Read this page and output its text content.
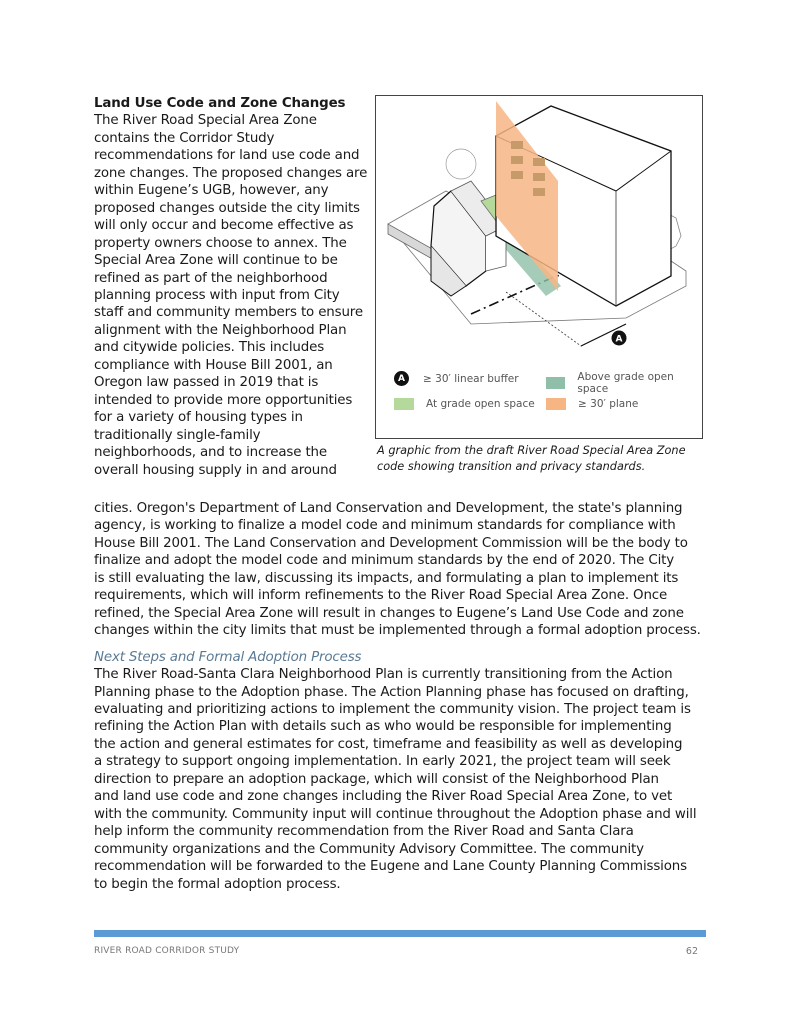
Land Use Code and Zone Changes
The River Road Special Area Zone
contains the Corridor Study
recommendations for land use code and
zone changes. The proposed changes are
within Eugene’s UGB, however, any
proposed changes outside the city limits
will only occur and become effective as
property owners choose to annex. The
Special Area Zone will continue to be
refined as part of the neighborhood
planning process with input from City
staff and community members to ensure
alignment with the Neighborhood Plan
and citywide policies. This includes
compliance with House Bill 2001, an
Oregon law passed in 2019 that is
intended to provide more opportunities
for a variety of housing types in
traditionally single-family
neighborhoods, and to increase the
overall housing supply in and around
A
A	≥ 30′ linear buffer	Above grade open space
At grade open space	≥ 30′ plane
A graphic from the draft River Road Special Area Zone
code showing transition and privacy standards.
cities. Oregon's Department of Land Conservation and Development, the state's planning
agency, is working to finalize a model code and minimum standards for compliance with
House Bill 2001. The Land Conservation and Development Commission will be the body to
finalize and adopt the model code and minimum standards by the end of 2020. The City
is still evaluating the law, discussing its impacts, and formulating a plan to implement its
requirements, which will inform refinements to the River Road Special Area Zone. Once
refined, the Special Area Zone will result in changes to Eugene’s Land Use Code and zone
changes within the city limits that must be implemented through a formal adoption process.
Next Steps and Formal Adoption Process
The River Road-Santa Clara Neighborhood Plan is currently transitioning from the Action
Planning phase to the Adoption phase. The Action Planning phase has focused on drafting,
evaluating and prioritizing actions to implement the community vision. The project team is
refining the Action Plan with details such as who would be responsible for implementing
the action and general estimates for cost, timeframe and feasibility as well as developing
a strategy to support ongoing implementation. In early 2021, the project team will seek
direction to prepare an adoption package, which will consist of the Neighborhood Plan
and land use code and zone changes including the River Road Special Area Zone, to vet
with the community. Community input will continue throughout the Adoption phase and will
help inform the community recommendation from the River Road and Santa Clara
community organizations and the Community Advisory Committee. The community
recommendation will be forwarded to the Eugene and Lane County Planning Commissions
to begin the formal adoption process.
RIVER ROAD CORRIDOR STUDY	62
